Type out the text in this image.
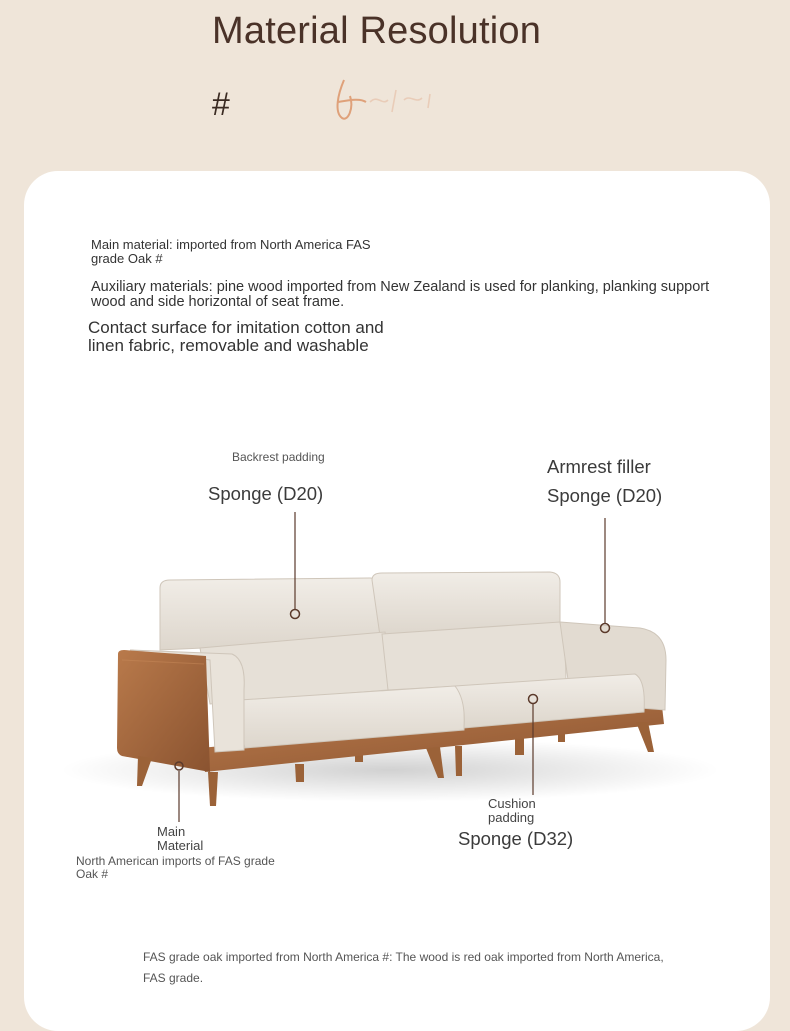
Material Resolution
#
Main material: imported from North America FAS
grade Oak #
Auxiliary materials: pine wood imported from New Zealand is used for planking, planking support
wood and side horizontal of seat frame.
Contact surface for imitation cotton and
linen fabric, removable and washable
Backrest padding
Sponge (D20)
Armrest filler
Sponge (D20)
Cushion
padding
Sponge (D32)
Main
Material
North American imports of FAS grade
Oak #
FAS grade oak imported from North America #: The wood is red oak imported from North America,
FAS grade.
